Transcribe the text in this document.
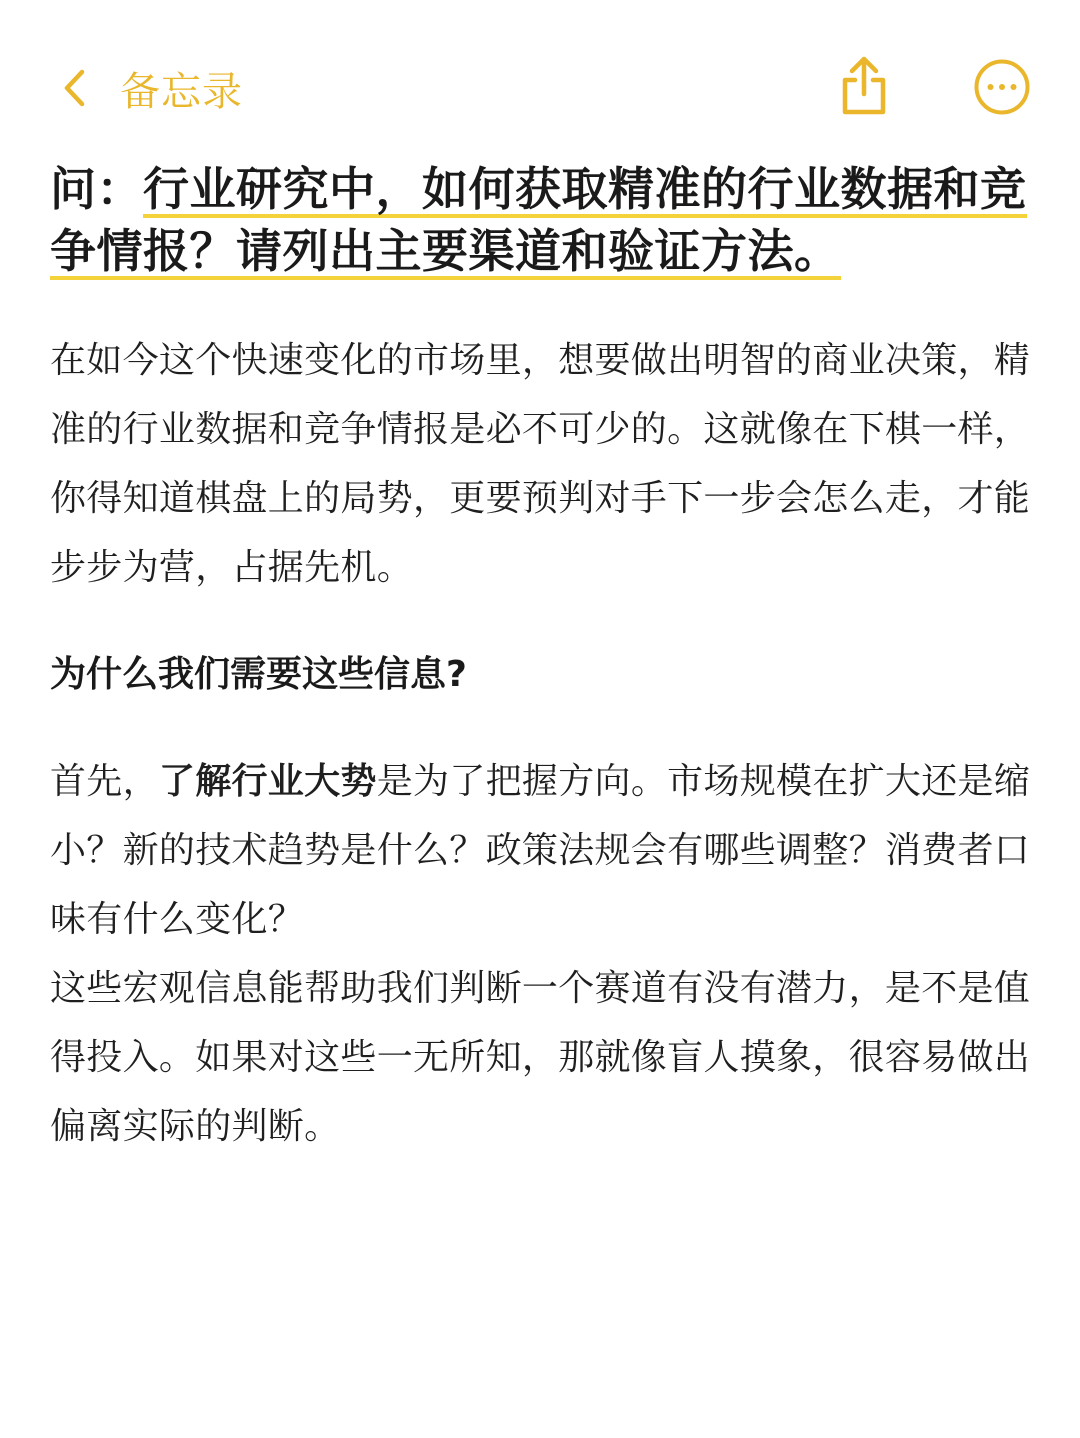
备忘录
问：行业研究中，如何获取精准的行业数据和竞争情报？请列出主要渠道和验证方法。

在如今这个快速变化的市场里，想要做出明智的商业决策，精准的行业数据和竞争情报是必不可少的。这就像在下棋一样，你得知道棋盘上的局势，更要预判对手下一步会怎么走，才能步步为营，占据先机。

为什么我们需要这些信息?

首先，了解行业大势是为了把握方向。市场规模在扩大还是缩小？新的技术趋势是什么？政策法规会有哪些调整？消费者口味有什么变化？

这些宏观信息能帮助我们判断一个赛道有没有潜力，是不是值得投入。如果对这些一无所知，那就像盲人摸象，很容易做出偏离实际的判断。
